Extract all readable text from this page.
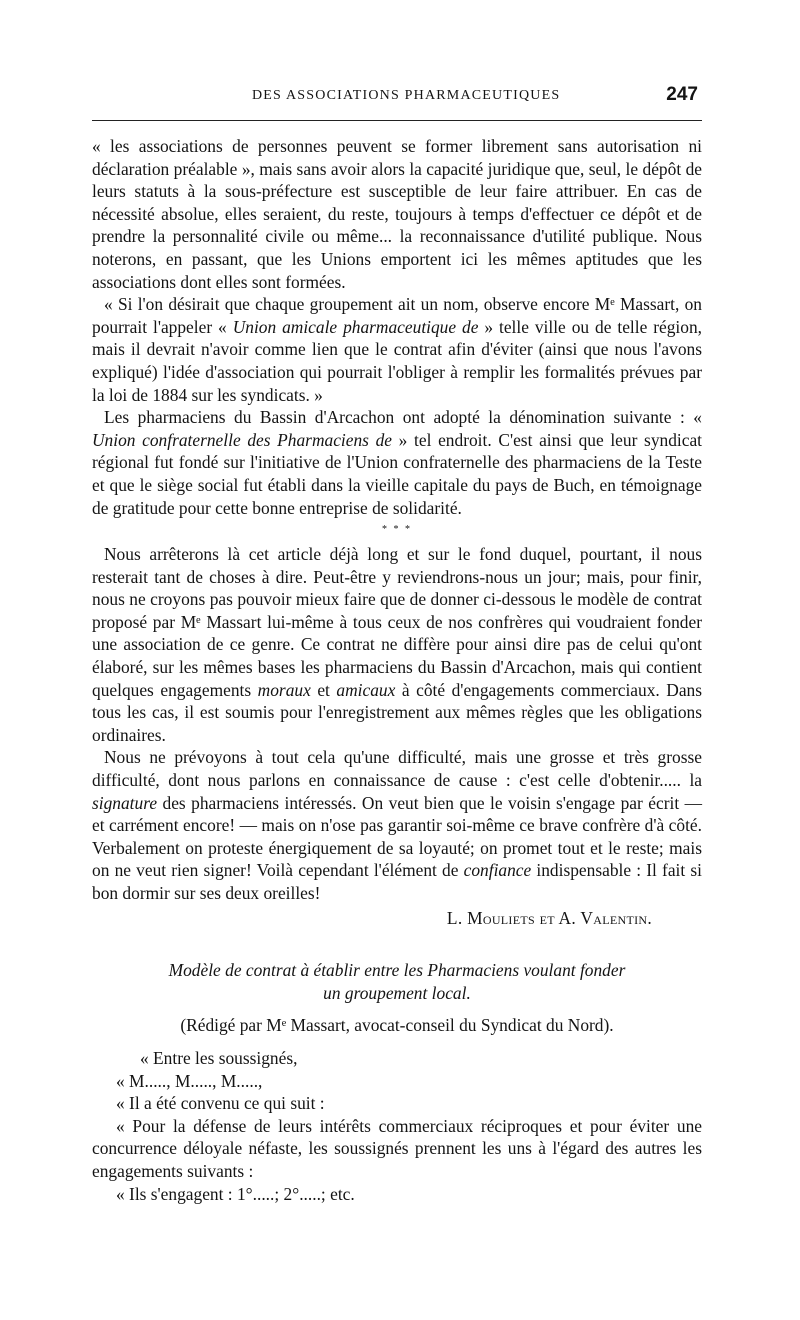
DES ASSOCIATIONS PHARMACEUTIQUES	247

« les associations de personnes peuvent se former librement sans autorisation ni déclaration préalable », mais sans avoir alors la capacité juridique que, seul, le dépôt de leurs statuts à la sous-préfecture est susceptible de leur faire attribuer. En cas de nécessité absolue, elles seraient, du reste, toujours à temps d'effectuer ce dépôt et de prendre la personnalité civile ou même... la reconnaissance d'utilité publique. Nous noterons, en passant, que les Unions emportent ici les mêmes aptitudes que les associations dont elles sont formées.

« Si l'on désirait que chaque groupement ait un nom, observe encore Mᵉ Massart, on pourrait l'appeler « Union amicale pharmaceutique de » telle ville ou de telle région, mais il devrait n'avoir comme lien que le contrat afin d'éviter (ainsi que nous l'avons expliqué) l'idée d'association qui pourrait l'obliger à remplir les formalités prévues par la loi de 1884 sur les syndicats. »

Les pharmaciens du Bassin d'Arcachon ont adopté la dénomination suivante : « Union confraternelle des Pharmaciens de » tel endroit. C'est ainsi que leur syndicat régional fut fondé sur l'initiative de l'Union confraternelle des pharmaciens de la Teste et que le siège social fut établi dans la vieille capitale du pays de Buch, en témoignage de gratitude pour cette bonne entreprise de solidarité.

* * *

Nous arrêterons là cet article déjà long et sur le fond duquel, pourtant, il nous resterait tant de choses à dire. Peut-être y reviendrons-nous un jour; mais, pour finir, nous ne croyons pas pouvoir mieux faire que de donner ci-dessous le modèle de contrat proposé par Mᵉ Massart lui-même à tous ceux de nos confrères qui voudraient fonder une association de ce genre. Ce contrat ne diffère pour ainsi dire pas de celui qu'ont élaboré, sur les mêmes bases les pharmaciens du Bassin d'Arcachon, mais qui contient quelques engagements moraux et amicaux à côté d'engagements commerciaux. Dans tous les cas, il est soumis pour l'enregistrement aux mêmes règles que les obligations ordinaires.

Nous ne prévoyons à tout cela qu'une difficulté, mais une grosse et très grosse difficulté, dont nous parlons en connaissance de cause : c'est celle d'obtenir..... la signature des pharmaciens intéressés. On veut bien que le voisin s'engage par écrit — et carrément encore! — mais on n'ose pas garantir soi-même ce brave confrère d'à côté. Verbalement on proteste énergiquement de sa loyauté; on promet tout et le reste; mais on ne veut rien signer! Voilà cependant l'élément de confiance indispensable : Il fait si bon dormir sur ses deux oreilles!

L. Mouliets et A. Valentin.
Modèle de contrat à établir entre les Pharmaciens voulant fonder
un groupement local.
(Rédigé par Mᵉ Massart, avocat-conseil du Syndicat du Nord).

« Entre les soussignés,

« M....., M....., M.....,

« Il a été convenu ce qui suit :

« Pour la défense de leurs intérêts commerciaux réciproques et pour éviter une concurrence déloyale néfaste, les soussignés prennent les uns à l'égard des autres les engagements suivants :

« Ils s'engagent : 1°.....; 2°.....; etc.
